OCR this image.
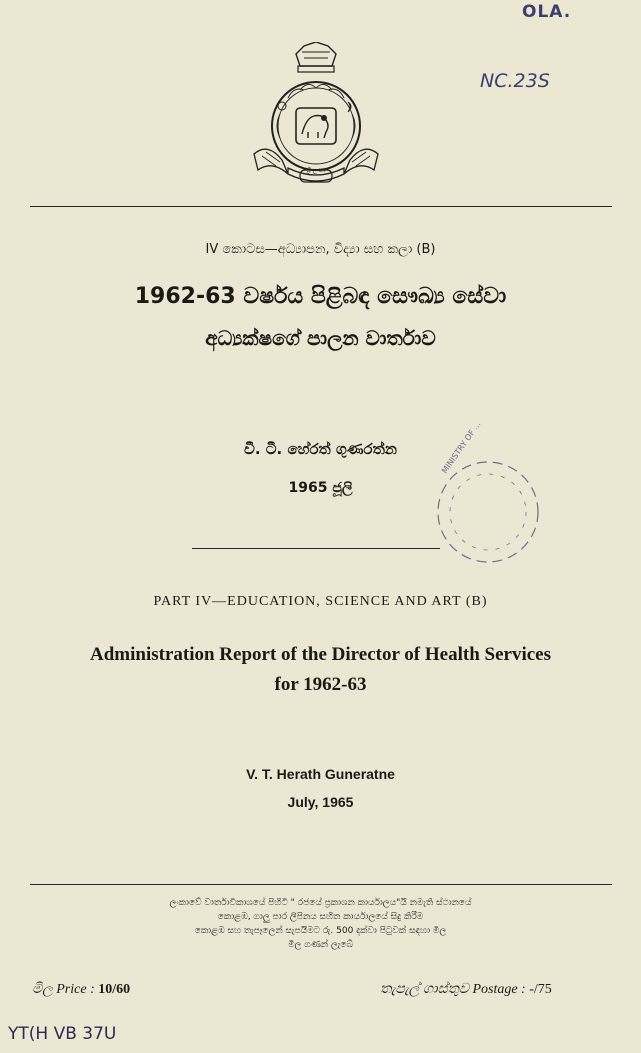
OLA.
NC.23S
ශ්‍රී ලංකා
IV කොටස—අධ්‍යාපන, විද්‍යා සහ කලා (B)
1962-63 වර්ෂය පිළිබඳ සෞඛ්‍ය සේවා
අධ්‍යක්ෂගේ පාලන වාර්තාව
වී. ටී. හේරත් ගුණරත්න
1965 ජූලි
MINISTRY OF ...
PART IV—EDUCATION, SCIENCE AND ART (B)
Administration Report of the Director of Health Services
for 1962-63
V. T. Herath Guneratne
July, 1965
ලංකාවේ වාර්තාවිකාශයේ පිහිටි " රජයේ ප්‍රකාශන කාර්යාලය"යි නමැති ස්ථානයේ
කොළඹ, ගාලු පාර ලිපිනය සහිත කාර්යාලයේ සිදු කිරීම
කොළඹ සහ තැපෑලෙන් සැපයීමට රු. 500 දක්වා පිටුවක් සඳහා මිල
මිල ගණන් ලැබේ
මිල Price : 10/60	තැපැල් ගාස්තුව Postage : -/75
YT(H VB 37U
